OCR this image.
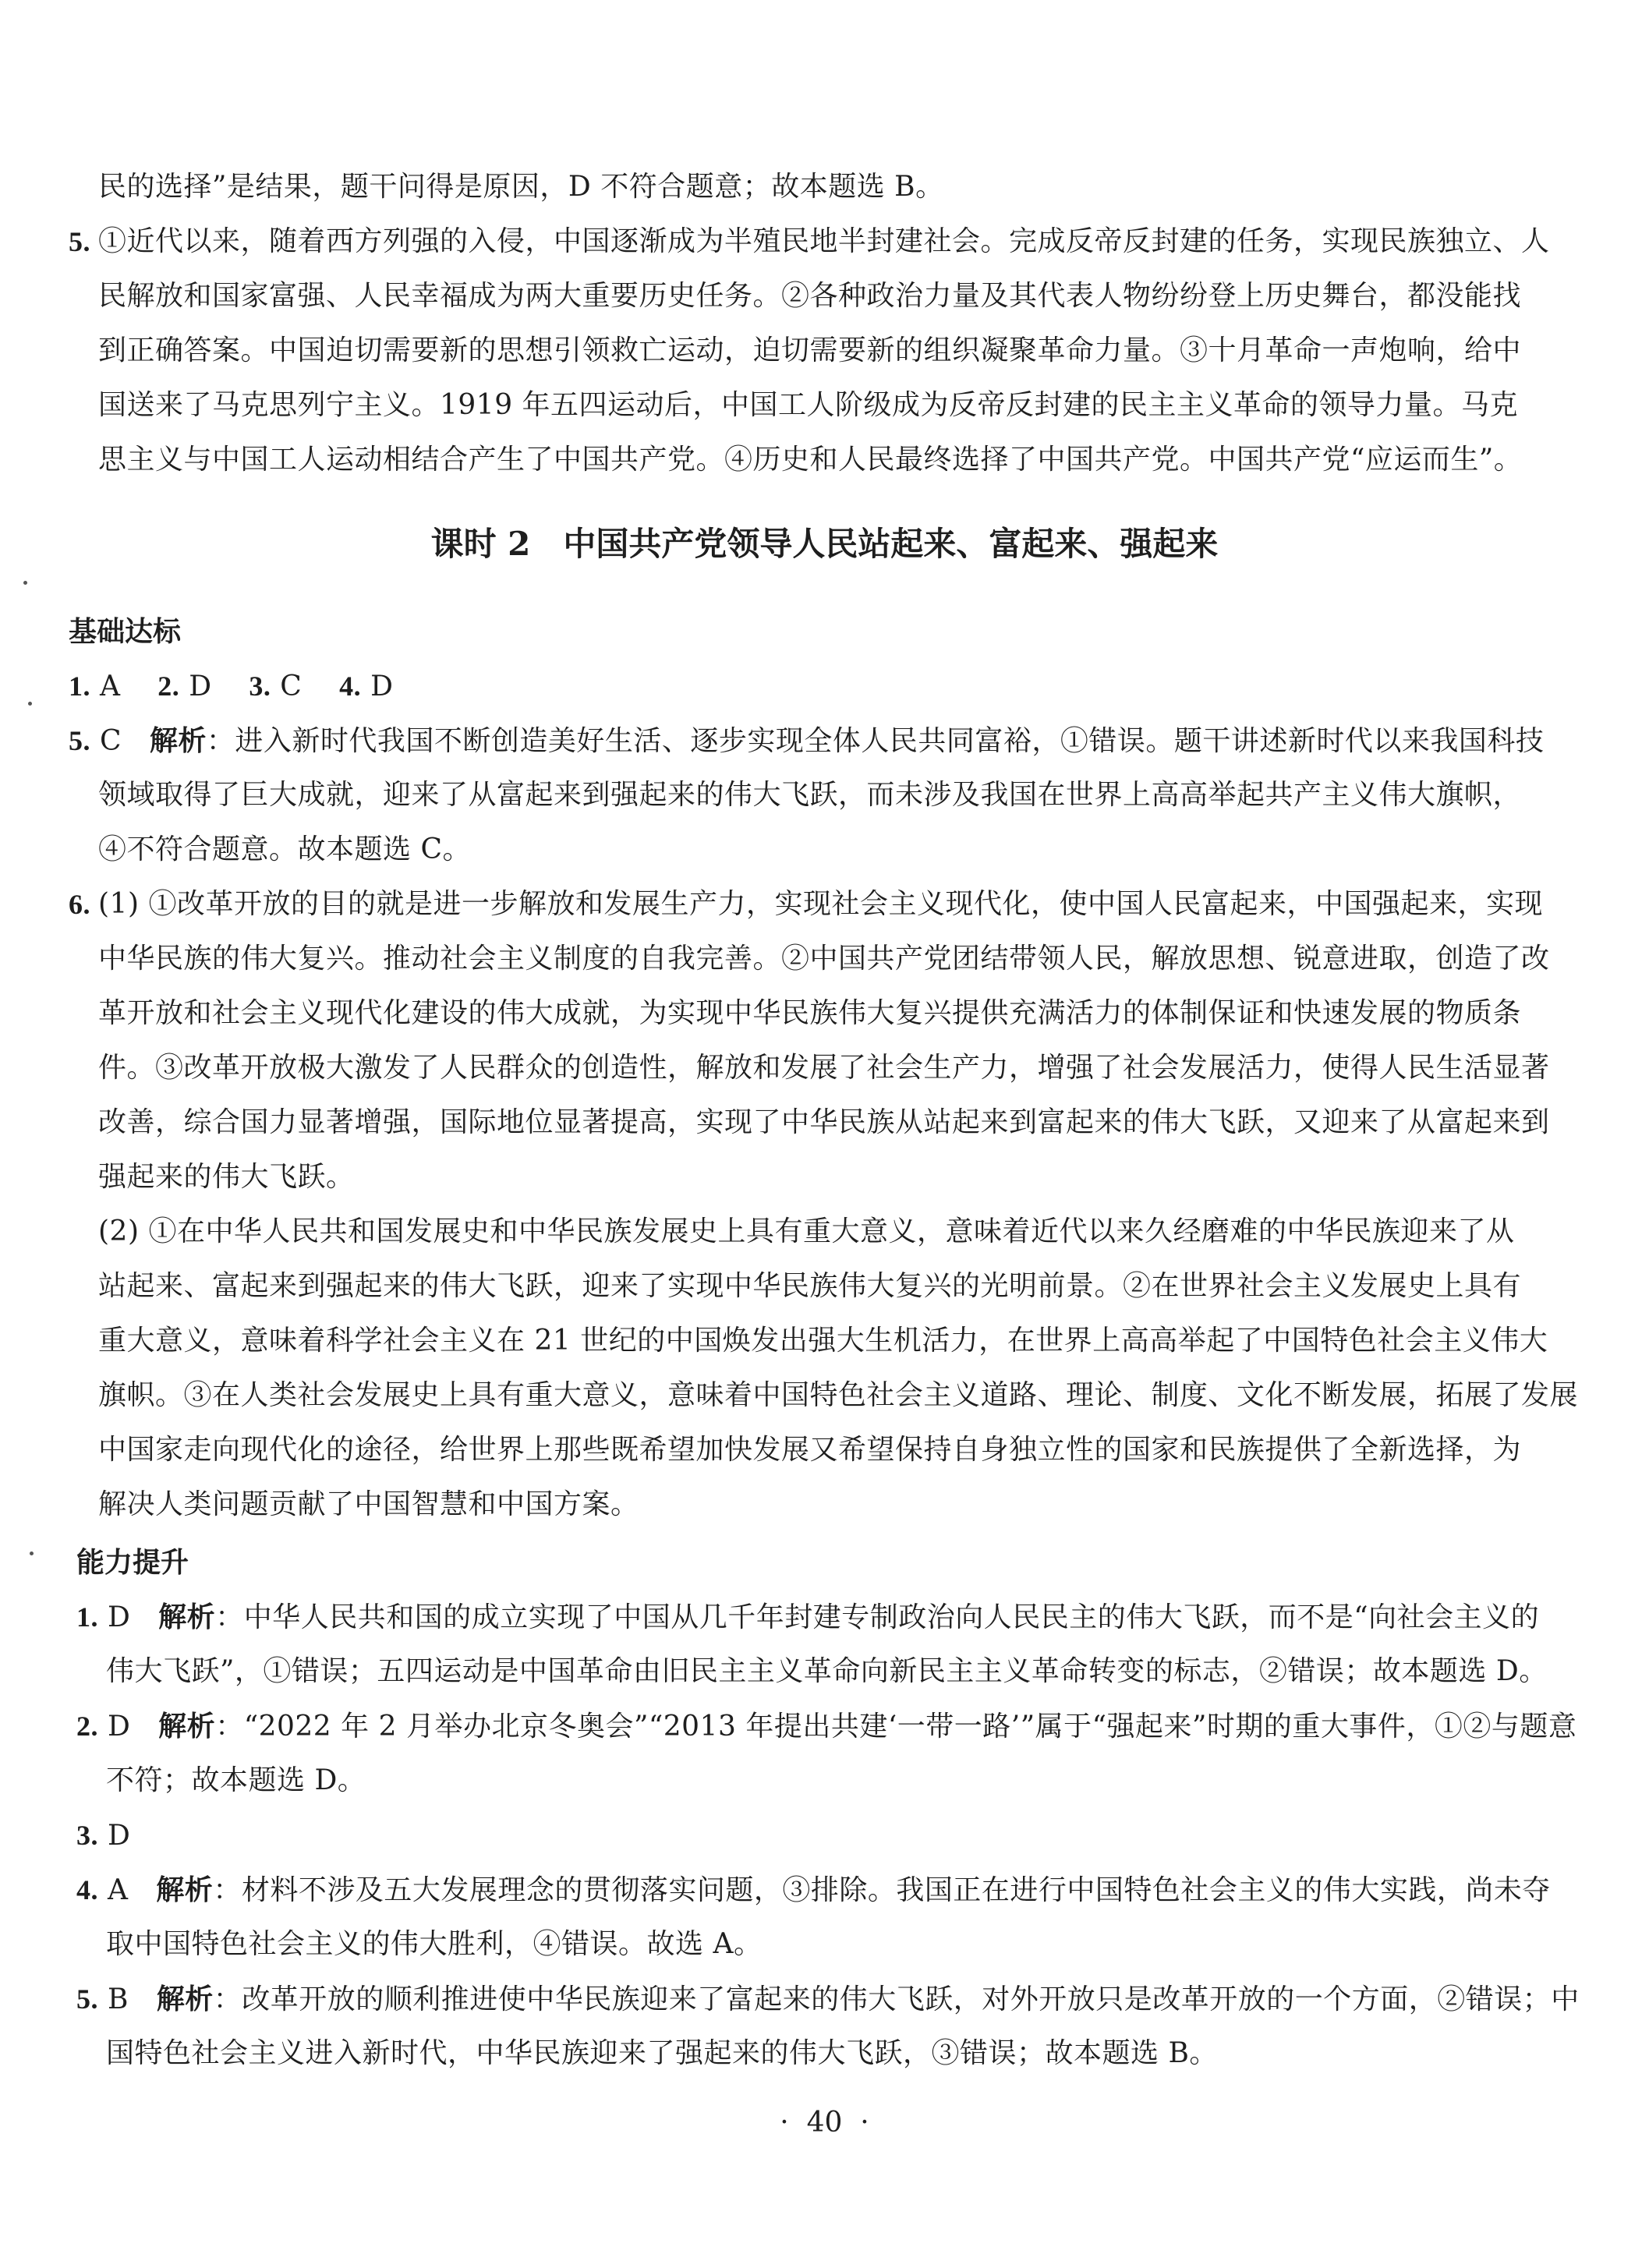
民的选择”是结果，题干问得是原因，D 不符合题意；故本题选 B。

5. ①近代以来，随着西方列强的入侵，中国逐渐成为半殖民地半封建社会。完成反帝反封建的任务，实现民族独立、人

民解放和国家富强、人民幸福成为两大重要历史任务。②各种政治力量及其代表人物纷纷登上历史舞台，都没能找

到正确答案。中国迫切需要新的思想引领救亡运动，迫切需要新的组织凝聚革命力量。③十月革命一声炮响，给中

国送来了马克思列宁主义。1919 年五四运动后，中国工人阶级成为反帝反封建的民主主义革命的领导力量。马克

思主义与中国工人运动相结合产生了中国共产党。④历史和人民最终选择了中国共产党。中国共产党“应运而生”。

课时 2　中国共产党领导人民站起来、富起来、强起来
基础达标
1. A 2. D 3. C 4. D
5. C 解析：进入新时代我国不断创造美好生活、逐步实现全体人民共同富裕，①错误。题干讲述新时代以来我国科技

领域取得了巨大成就，迎来了从富起来到强起来的伟大飞跃，而未涉及我国在世界上高高举起共产主义伟大旗帜，

④不符合题意。故本题选 C。

6. (1) ①改革开放的目的就是进一步解放和发展生产力，实现社会主义现代化，使中国人民富起来，中国强起来，实现

中华民族的伟大复兴。推动社会主义制度的自我完善。②中国共产党团结带领人民，解放思想、锐意进取，创造了改

革开放和社会主义现代化建设的伟大成就，为实现中华民族伟大复兴提供充满活力的体制保证和快速发展的物质条

件。③改革开放极大激发了人民群众的创造性，解放和发展了社会生产力，增强了社会发展活力，使得人民生活显著

改善，综合国力显著增强，国际地位显著提高，实现了中华民族从站起来到富起来的伟大飞跃，又迎来了从富起来到

强起来的伟大飞跃。

(2) ①在中华人民共和国发展史和中华民族发展史上具有重大意义，意味着近代以来久经磨难的中华民族迎来了从

站起来、富起来到强起来的伟大飞跃，迎来了实现中华民族伟大复兴的光明前景。②在世界社会主义发展史上具有

重大意义，意味着科学社会主义在 21 世纪的中国焕发出强大生机活力，在世界上高高举起了中国特色社会主义伟大

旗帜。③在人类社会发展史上具有重大意义，意味着中国特色社会主义道路、理论、制度、文化不断发展，拓展了发展

中国家走向现代化的途径，给世界上那些既希望加快发展又希望保持自身独立性的国家和民族提供了全新选择，为

解决人类问题贡献了中国智慧和中国方案。

能力提升
1. D 解析：中华人民共和国的成立实现了中国从几千年封建专制政治向人民民主的伟大飞跃，而不是“向社会主义的

伟大飞跃”，①错误；五四运动是中国革命由旧民主主义革命向新民主主义革命转变的标志，②错误；故本题选 D。

2. D 解析：“2022 年 2 月举办北京冬奥会”“2013 年提出共建‘一带一路’”属于“强起来”时期的重大事件，①②与题意

不符；故本题选 D。

3. D
4. A 解析：材料不涉及五大发展理念的贯彻落实问题，③排除。我国正在进行中国特色社会主义的伟大实践，尚未夺

取中国特色社会主义的伟大胜利，④错误。故选 A。

5. B 解析：改革开放的顺利推进使中华民族迎来了富起来的伟大飞跃，对外开放只是改革开放的一个方面，②错误；中

国特色社会主义进入新时代，中华民族迎来了强起来的伟大飞跃，③错误；故本题选 B。

· 40 ·
